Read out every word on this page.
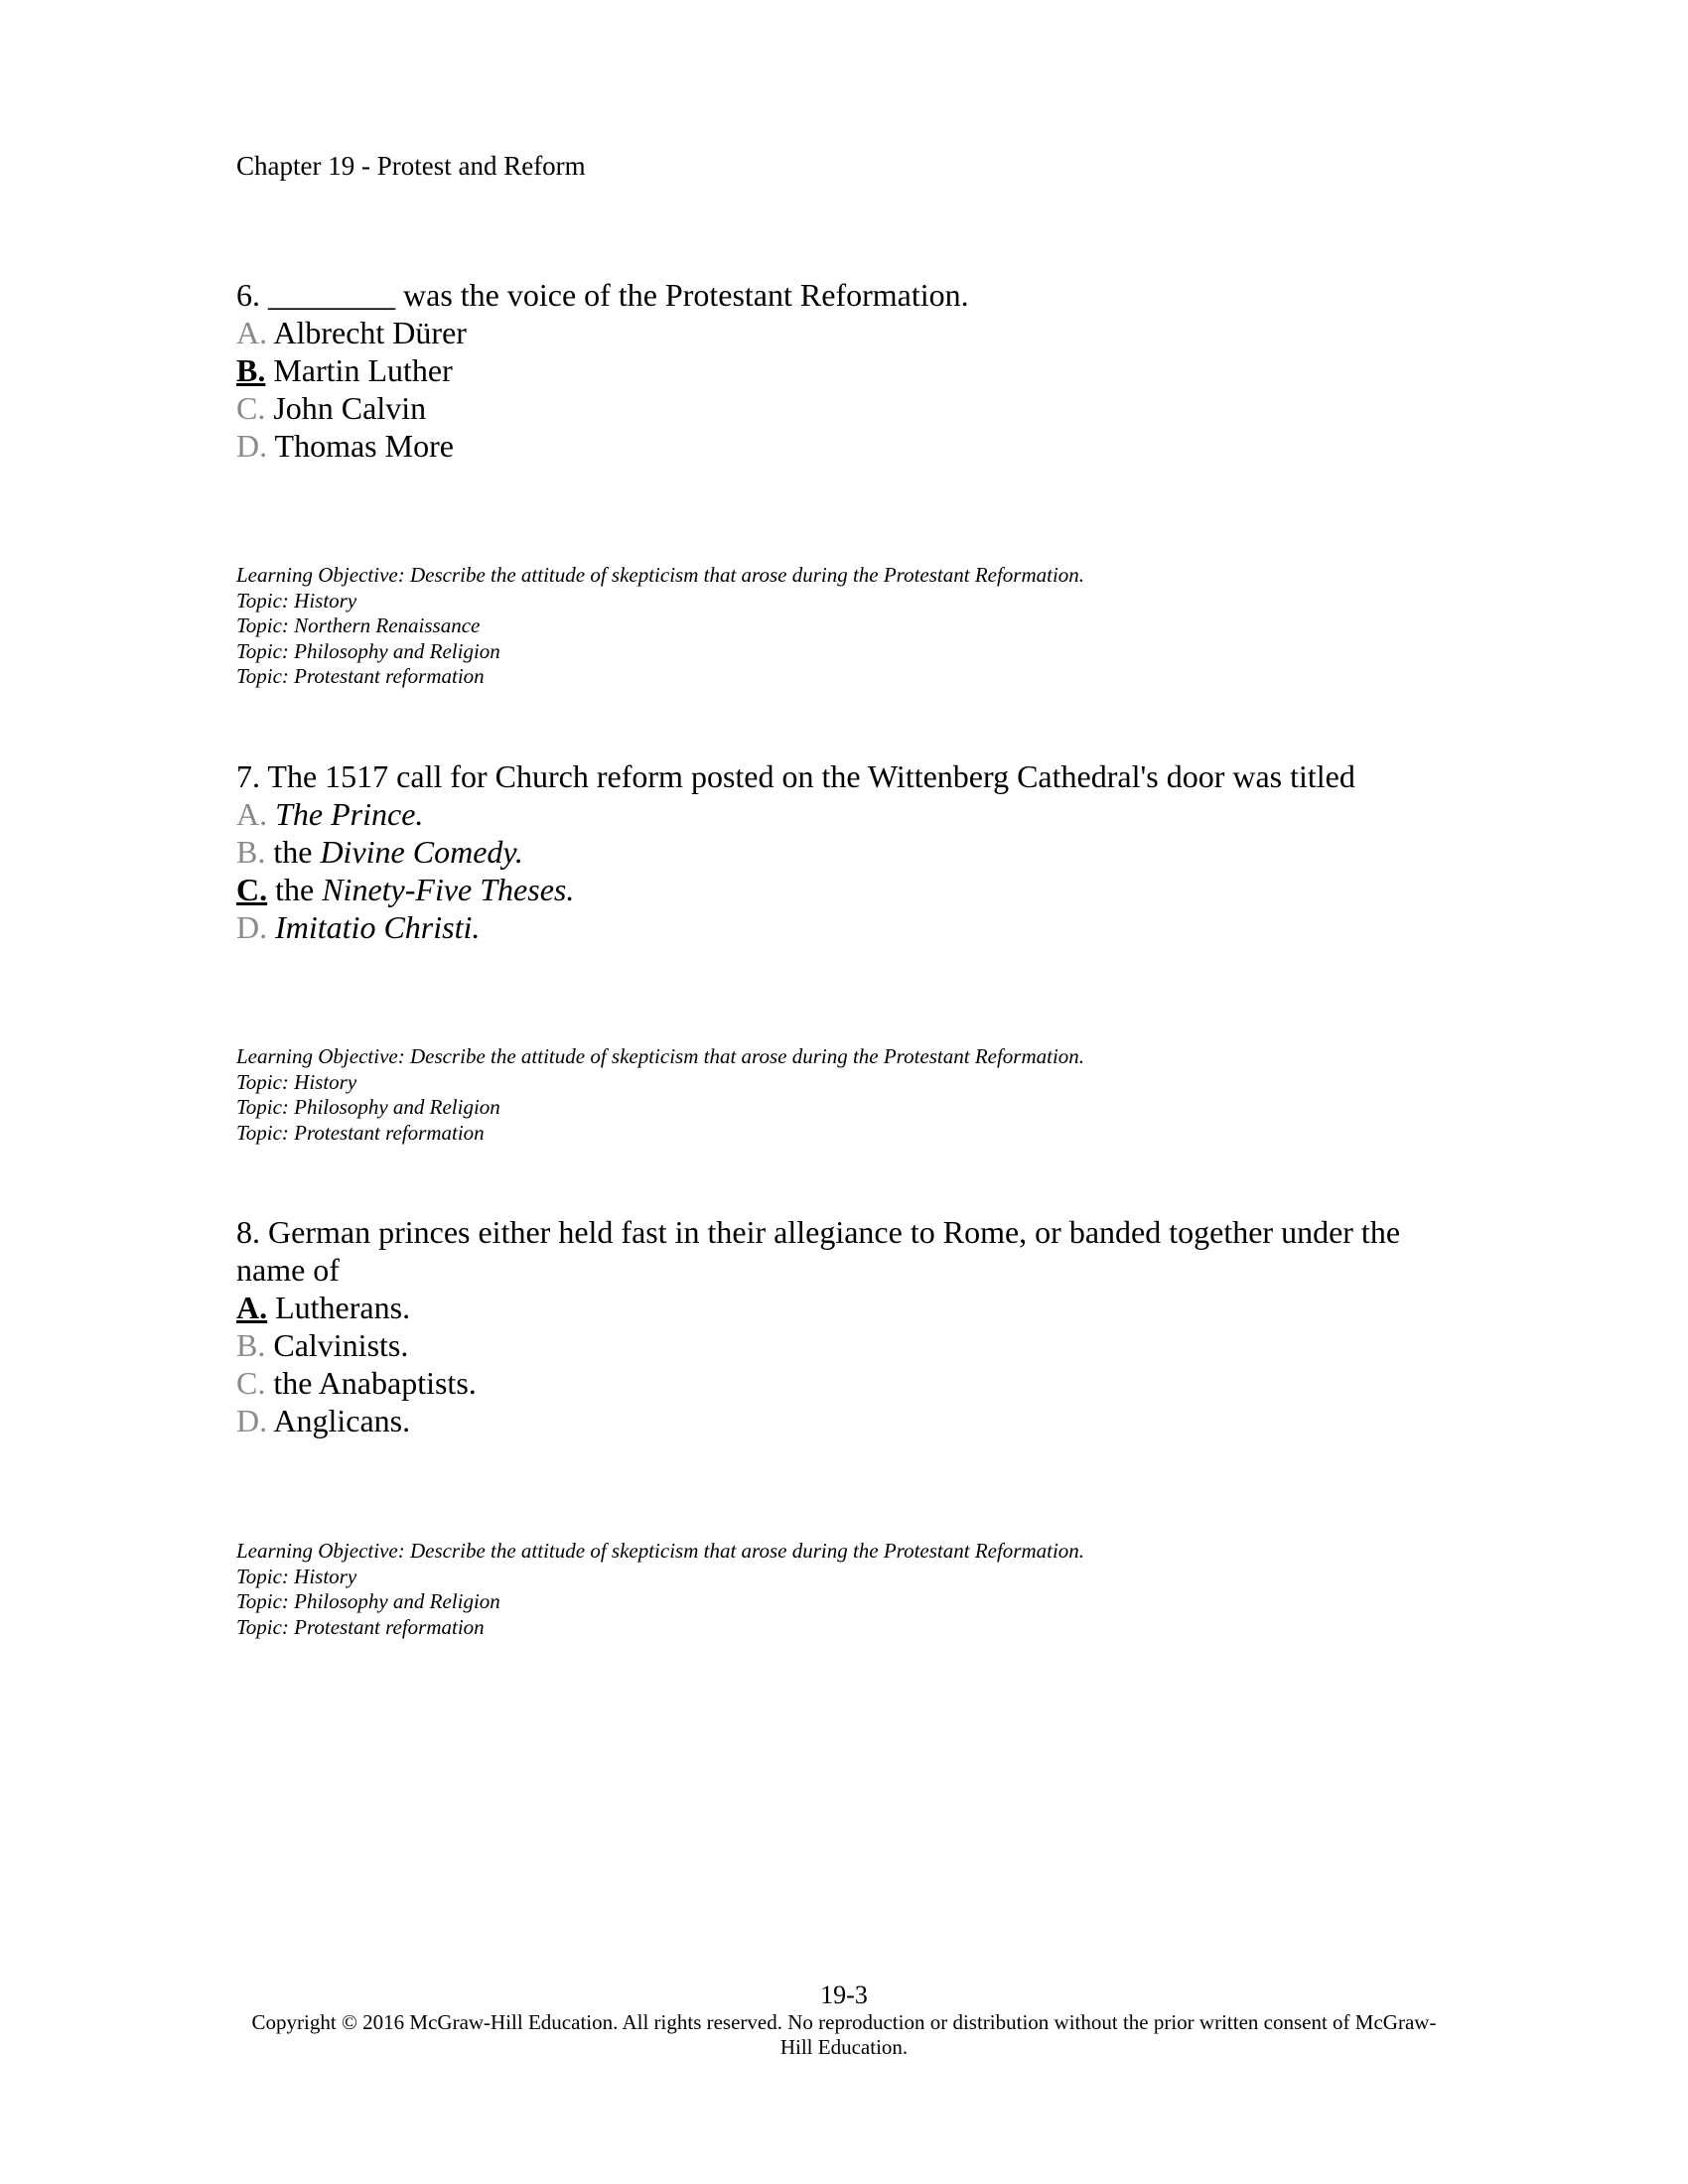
Chapter 19 - Protest and Reform

6. ________ was the voice of the Protestant Reformation.

A. Albrecht Dürer

B. Martin Luther

C. John Calvin

D. Thomas More

Learning Objective: Describe the attitude of skepticism that arose during the Protestant Reformation.
Topic: History
Topic: Northern Renaissance
Topic: Philosophy and Religion
Topic: Protestant reformation

7. The 1517 call for Church reform posted on the Wittenberg Cathedral's door was titled

A. The Prince.

B. the Divine Comedy.

C. the Ninety-Five Theses.

D. Imitatio Christi.

Learning Objective: Describe the attitude of skepticism that arose during the Protestant Reformation.
Topic: History
Topic: Philosophy and Religion
Topic: Protestant reformation

8. German princes either held fast in their allegiance to Rome, or banded together under the name of

A. Lutherans.

B. Calvinists.

C. the Anabaptists.

D. Anglicans.

Learning Objective: Describe the attitude of skepticism that arose during the Protestant Reformation.
Topic: History
Topic: Philosophy and Religion
Topic: Protestant reformation
19-3
Copyright © 2016 McGraw-Hill Education. All rights reserved. No reproduction or distribution without the prior written consent of McGraw-Hill Education.
